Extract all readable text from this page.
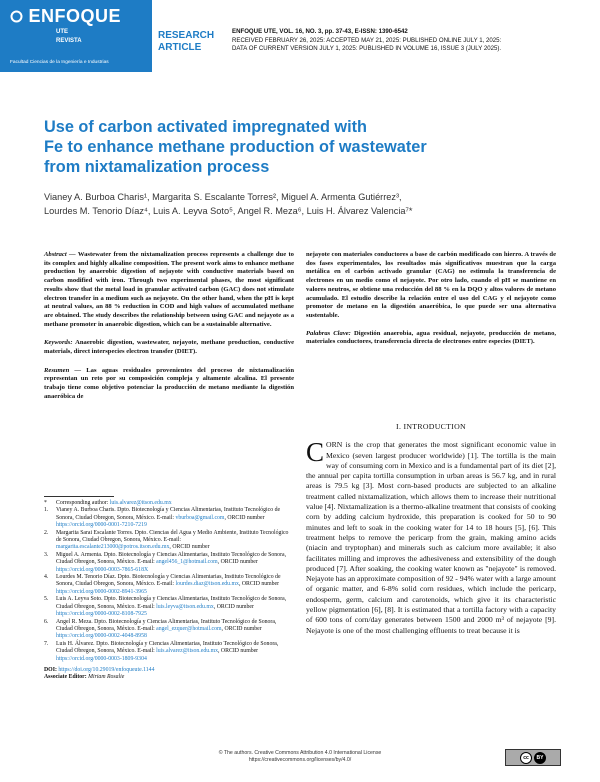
ENFOQUE
UTE
REVISTA
Facultad Ciencias de la Ingeniería e Industrias
RESEARCH
ARTICLE
ENFOQUE UTE, VOL. 16, NO. 3, pp. 37-43, E-ISSN: 1390-6542
RECEIVED FEBRUARY 26, 2025: ACCEPTED MAY 21, 2025: PUBLISHED ONLINE JULY 1, 2025:
DATA OF CURRENT VERSION JULY 1, 2025: PUBLISHED IN VOLUME 16, ISSUE 3 (JULY 2025).
Use of carbon activated impregnated with
Fe to enhance methane production of wastewater
from nixtamalization process
Vianey A. Burboa Charis¹, Margarita S. Escalante Torres², Miguel A. Armenta Gutiérrez³,
Lourdes M. Tenorio Díaz⁴, Luis A. Leyva Soto⁵, Angel R. Meza⁶, Luis H. Álvarez Valencia⁷*

Abstract — Wastewater from the nixtamalization process represents a challenge due to its complex and highly alkaline composition. The present work aims to enhance methane production by anaerobic digestion of nejayote with conductive materials based on carbon modified with iron. Through two experimental phases, the most significant results show that the metal load in granular activated carbon (GAC) does not stimulate electron transfer in a medium such as nejayote. On the other hand, when the pH is kept at neutral values, an 88 % reduction in COD and high values of accumulated methane are obtained. The study describes the relationship between using GAC and nejayote as a methane promoter in anaerobic digestion, which can be a sustainable alternative.

Keywords: Anaerobic digestion, wastewater, nejayote, methane production, conductive materials, direct interspecies electron transfer (DIET).

Resumen — Las aguas residuales provenientes del proceso de nixtamalización representan un reto por su composición compleja y altamente alcalina. El presente trabajo tiene como objetivo potenciar la producción de metano mediante la digestión anaeróbica de

*	Corresponding author: luis.alvarez@itson.edu.mx
1.	Vianey A. Burboa Charis. Dpto. Biotecnología y Ciencias Alimentarias, Instituto Tecnológico de Sonora, Ciudad Obregon, Sonora, México. E-mail: vburboa@gmail.com, ORCID number https://orcid.org/0000-0001-7210-7219
2.	Margarita Sarai Escalante Torres. Dpto. Ciencias del Agua y Medio Ambiente, Instituto Tecnológico de Sonora, Ciudad Obregon, Sonora, México. E-mail: margarita.escalante213000@potros.itson.edu.mx, ORCID number
3.	Miguel A. Armenta. Dpto. Biotecnología y Ciencias Alimentarias, Instituto Tecnológico de Sonora, Ciudad Obregon, Sonora, México. E-mail: angel456_1@hotmail.com, ORCID number https://orcid.org/0000-0003-7865-618X
4.	Lourdes M. Tenorio Díaz. Dpto. Biotecnología y Ciencias Alimentarias, Instituto Tecnológico de Sonora, Ciudad Obregon, Sonora, México. E-mail: lourdes.diaz@itson.edu.mx, ORCID number https://orcid.org/0000-0002-8941-3965
5.	Luis A. Leyva Soto. Dpto. Biotecnología y Ciencias Alimentarias, Instituto Tecnológico de Sonora, Ciudad Obregon, Sonora, México. E-mail: luis.leyva@itson.edu.mx, ORCID number https://orcid.org/0000-0002-8108-7925
6.	Angel R. Meza. Dpto. Biotecnología y Ciencias Alimentarias, Instituto Tecnológico de Sonora, Ciudad Obregon, Sonora, México. E-mail: angel_ezquer@hotmail.com, ORCID number https://orcid.org/0000-0002-4048-8958
7.	Luis H. Álvarez. Dpto. Biotecnología y Ciencias Alimentarias, Instituto Tecnológico de Sonora, Ciudad Obregon, Sonora, México. E-mail: luis.alvarez@itson.edu.mx, ORCID number https://orcid.org/0000-0003-1809-9304
DOI: https://doi.org/10.29019/enfoqueute.1144
Associate Editor: Miriam Rosalie

nejayote con materiales conductores a base de carbón modificado con hierro. A través de dos fases experimentales, los resultados más significativos muestran que la carga metálica en el carbón activado granular (CAG) no estimula la transferencia de electrones en un medio como el nejayote. Por otro lado, cuando el pH se mantiene en valores neutros, se obtiene una reducción del 88 % en la DQO y altos valores de metano acumulado. El estudio describe la relación entre el uso del CAG y el nejayote como promotor de metano en la digestión anaeróbica, lo que puede ser una alternativa sustentable.

Palabras Clave: Digestión anaerobia, agua residual, nejayote, producción de metano, materiales conductores, transferencia directa de electrones entre especies (DIET).

I. INTRODUCTION

CORN is the crop that generates the most significant economic value in Mexico (seven largest producer worldwide) [1]. The tortilla is the main way of consuming corn in Mexico and is a fundamental part of its diet [2], the annual per capita tortilla consumption in urban areas is 56.7 kg, and in rural areas is 79.5 kg [3]. Most corn-based products are subjected to an alkaline treatment called nixtamalization, which allows them to increase their nutritional value [4]. Nixtamalization is a thermo-alkaline treatment that consists of cooking corn by adding calcium hydroxide, this preparation is cooked for 50 to 90 minutes and left to soak in the cooking water for 14 to 18 hours [5], [6]. This treatment helps to remove the pericarp from the grain, making amino acids (niacin and tryptophan) and minerals such as calcium more available; it also facilitates milling and improves the adhesiveness and extensibility of the dough produced [7]. After soaking, the cooking water known as "nejayote" is removed. Nejayote has an approximate composition of 92 - 94% water with a large amount of organic matter, and 6-8% solid corn residues, which include the pericarp, endosperm, germ, calcium and carotenoids, which give it its characteristic yellow pigmentation [6], [8]. It is estimated that a tortilla factory with a capacity of 600 tons of corn/day generates between 1500 and 2000 m³ of nejayote [9]. Nejayote is one of the most challenging effluents to treat because it is

© The authors. Creative Commons Attribution 4.0 International License
https://creativecommons.org/licenses/by/4.0/	cc	BY
